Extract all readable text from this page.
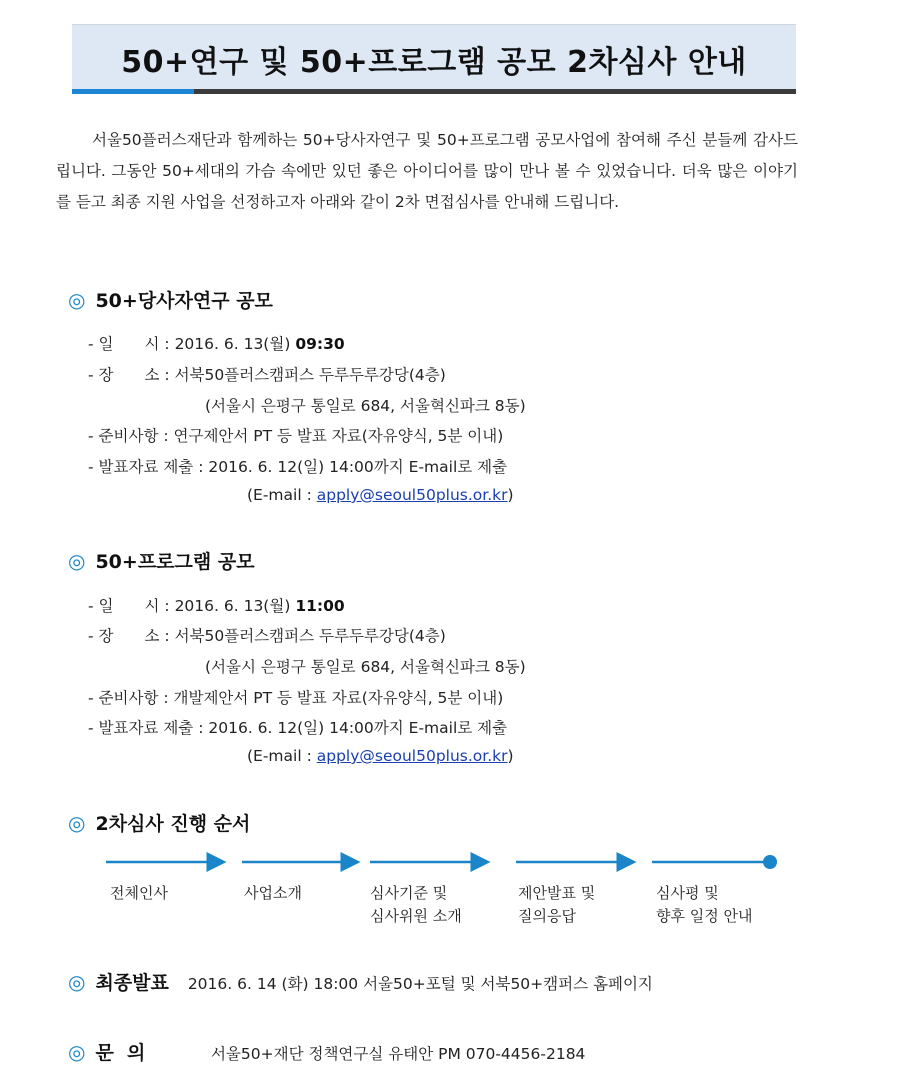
50+연구 및 50+프로그램 공모 2차심사 안내
서울50플러스재단과 함께하는 50+당사자연구 및 50+프로그램 공모사업에 참여해 주신 분들께 감사드립니다. 그동안 50+세대의 가슴 속에만 있던 좋은 아이디어를 많이 만나 볼 수 있었습니다. 더욱 많은 이야기를 듣고 최종 지원 사업을 선정하고자 아래와 같이 2차 면접심사를 안내해 드립니다.
◎ 50+당사자연구 공모
- 일　　시 : 2016. 6. 13(월) 09:30
- 장　　소 : 서북50플러스캠퍼스 두루두루강당(4층)
(서울시 은평구 통일로 684, 서울혁신파크 8동)
- 준비사항 : 연구제안서 PT 등 발표 자료(자유양식, 5분 이내)
- 발표자료 제출 : 2016. 6. 12(일) 14:00까지 E-mail로 제출
(E-mail : apply@seoul50plus.or.kr)
◎ 50+프로그램 공모
- 일　　시 : 2016. 6. 13(월) 11:00
- 장　　소 : 서북50플러스캠퍼스 두루두루강당(4층)
(서울시 은평구 통일로 684, 서울혁신파크 8동)
- 준비사항 : 개발제안서 PT 등 발표 자료(자유양식, 5분 이내)
- 발표자료 제출 : 2016. 6. 12(일) 14:00까지 E-mail로 제출
(E-mail : apply@seoul50plus.or.kr)
◎ 2차심사 진행 순서
전체인사	사업소개	심사기준 및
심사위원 소개
제안발표 및
질의응답
심사평 및
향후 일정 안내
◎ 최종발표 2016. 6. 14 (화) 18:00 서울50+포털 및 서북50+캠퍼스 홈페이지
◎ 문  의	서울50+재단 정책연구실 유태안 PM 070-4456-2184
